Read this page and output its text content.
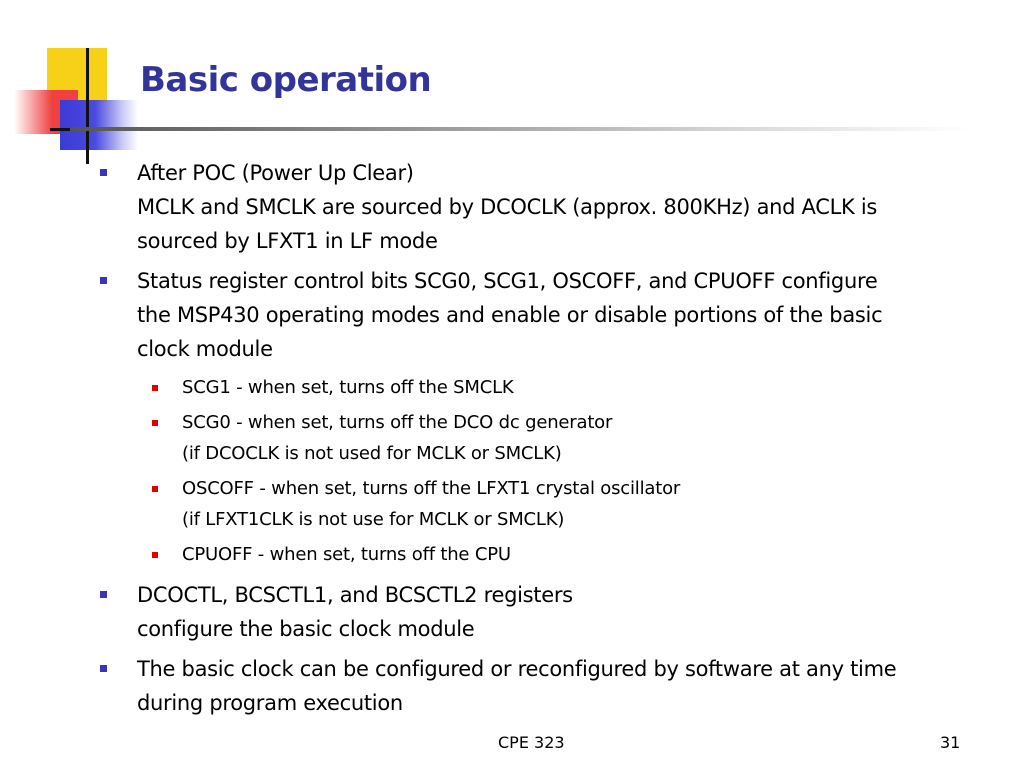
Basic operation
After POC (Power Up Clear)
MCLK and SMCLK are sourced by DCOCLK (approx. 800KHz) and ACLK is
sourced by LFXT1 in LF mode
Status register control bits SCG0, SCG1, OSCOFF, and CPUOFF configure
the MSP430 operating modes and enable or disable portions of the basic
clock module
SCG1 - when set, turns off the SMCLK
SCG0 - when set, turns off the DCO dc generator
(if DCOCLK is not used for MCLK or SMCLK)
OSCOFF - when set, turns off the LFXT1 crystal oscillator
(if LFXT1CLK is not use for MCLK or SMCLK)
CPUOFF - when set, turns off the CPU
DCOCTL, BCSCTL1, and BCSCTL2 registers
configure the basic clock module
The basic clock can be configured or reconfigured by software at any time
during program execution
CPE 323	31
